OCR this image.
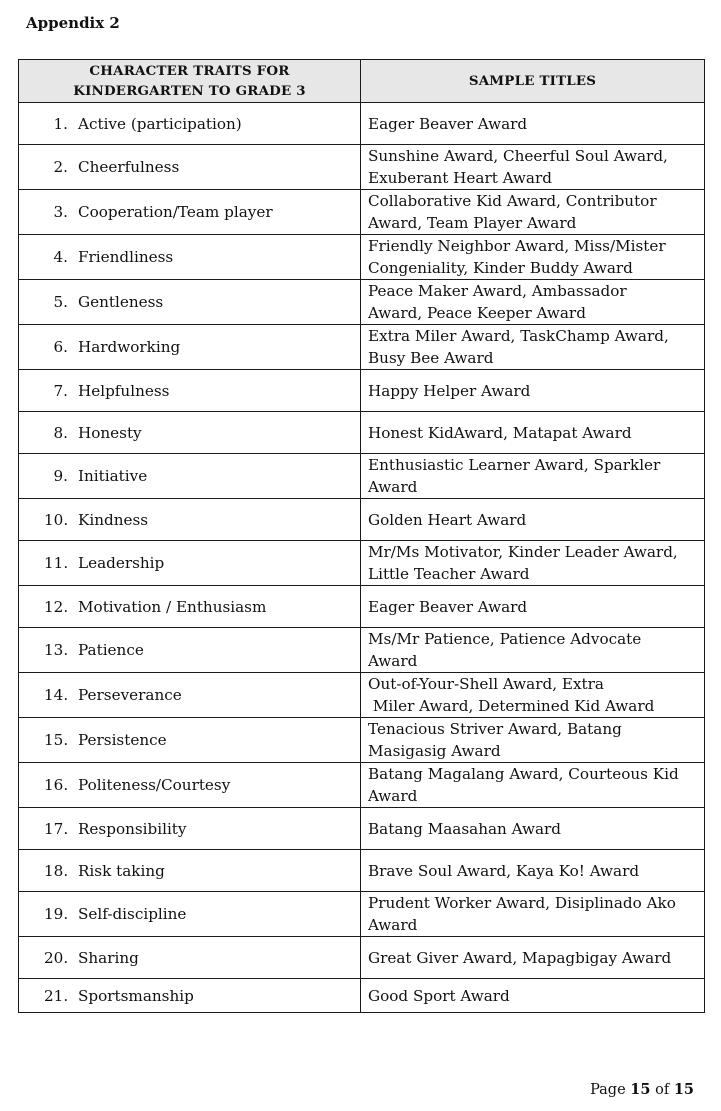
Appendix 2
CHARACTER TRAITS FOR
KINDERGARTEN TO GRADE 3	SAMPLE TITLES
1. Active (participation)	Eager Beaver Award
2. Cheerfulness	Sunshine Award, Cheerful Soul Award,
Exuberant Heart Award
3. Cooperation/Team player	Collaborative Kid Award, Contributor
Award, Team Player Award
4. Friendliness	Friendly Neighbor Award, Miss/Mister
Congeniality, Kinder Buddy Award
5. Gentleness	Peace Maker Award, Ambassador
Award, Peace Keeper Award
6. Hardworking	Extra Miler Award, TaskChamp Award,
Busy Bee Award
7. Helpfulness	Happy Helper Award
8. Honesty	Honest KidAward, Matapat Award
9. Initiative	Enthusiastic Learner Award, Sparkler
Award
10. Kindness	Golden Heart Award
11. Leadership	Mr/Ms Motivator, Kinder Leader Award,
Little Teacher Award
12. Motivation / Enthusiasm	Eager Beaver Award
13. Patience	Ms/Mr Patience, Patience Advocate
Award
14. Perseverance	Out-of-Your-Shell Award, Extra
Miler Award, Determined Kid Award
15. Persistence	Tenacious Striver Award, Batang
Masigasig Award
16. Politeness/Courtesy	Batang Magalang Award, Courteous Kid
Award
17. Responsibility	Batang Maasahan Award
18. Risk taking	Brave Soul Award, Kaya Ko! Award
19. Self-discipline	Prudent Worker Award, Disiplinado Ako
Award
20. Sharing	Great Giver Award, Mapagbigay Award
21. Sportsmanship	Good Sport Award
Page 15 of 15
